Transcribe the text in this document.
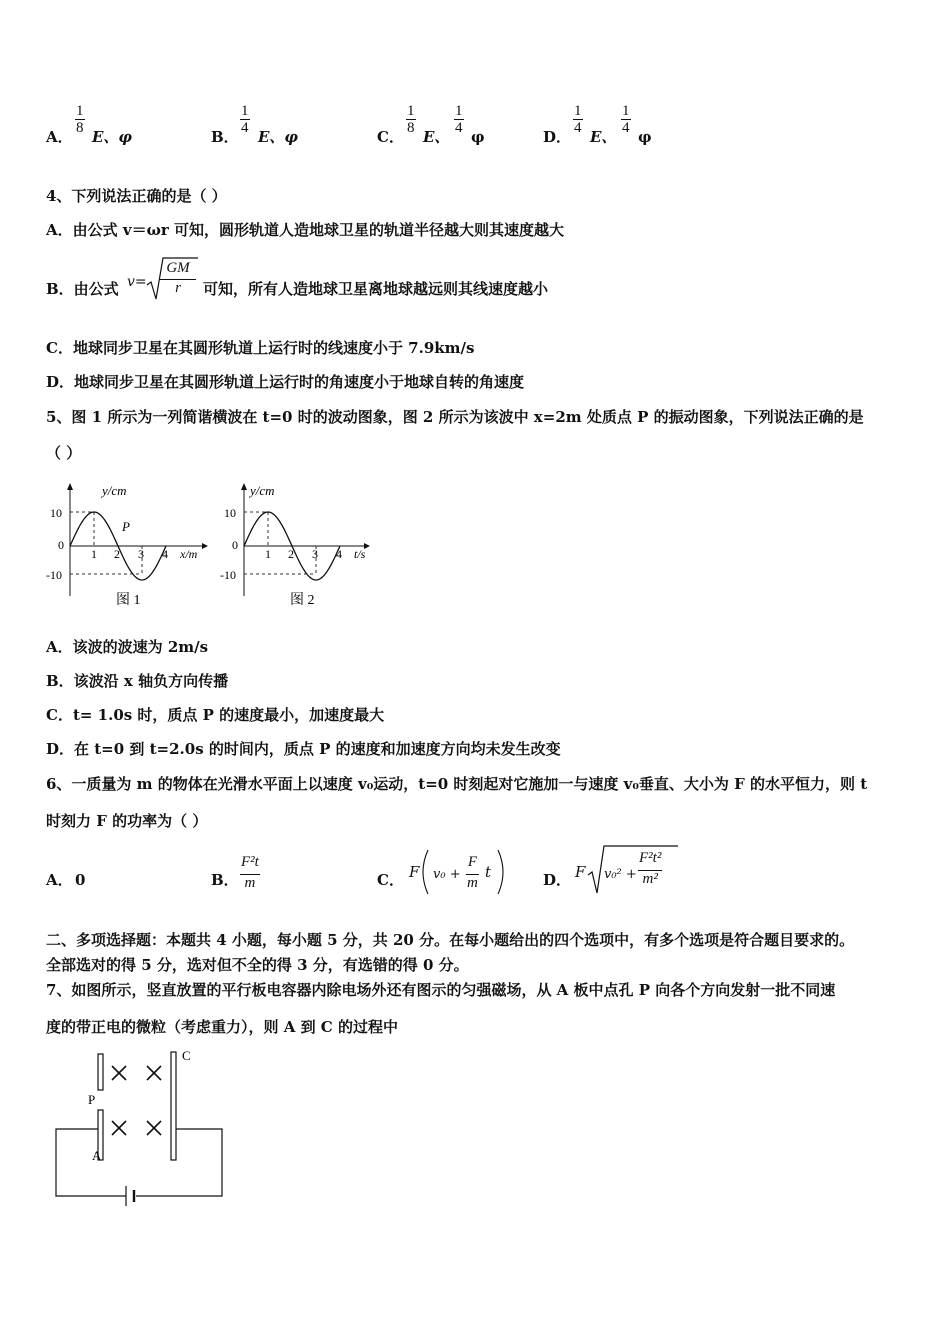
A．
$\frac{1}{8}$
E、φ	B．
$\frac{1}{4}$
E、φ	C．
$\frac{1}{8}$
E、
$\frac{1}{4}$
φ	D．
$\frac{1}{4}$
E、
$\frac{1}{4}$
φ
4、下列说法正确的是（ ）
A．由公式 v＝ωr 可知，圆形轨道人造地球卫星的轨道半径越大则其速度越大
B．由公式 $v= \frac{GM}{r}$ 可知，所有人造地球卫星离地球越远则其线速度越小
C．地球同步卫星在其圆形轨道上运行时的线速度小于 7.9km/s
D．地球同步卫星在其圆形轨道上运行时的角速度小于地球自转的角速度
5、图 1 所示为一列简谐横波在 t=0 时的波动图象，图 2 所示为该波中 x=2m 处质点 P 的振动图象，下列说法正确的是
（ ）
y/cm
10
0
-10
1 2 3 4
P
x/m
图 1
y/cm
10
0
-10
1 2 3 4 t/s
图 2
A．该波的波速为 2m/s
B．该波沿 x 轴负方向传播
C．t= 1.0s 时，质点 P 的速度最小，加速度最大
D．在 t=0 到 t=2.0s 的时间内，质点 P 的速度和加速度方向均未发生改变
6、一质量为 m 的物体在光滑水平面上以速度 v₀运动，t=0 时刻起对它施加一与速度 v₀垂直、大小为 F 的水平恒力，则 t
时刻力 F 的功率为（ ）
A． 0	B． $\frac{\text{F²t}}{m}$	C． F $v_0 + \frac{F}{m}$ t	D． F $v_0^2 + \frac{\text{F²t²}}{\text{m²}}$
二、多项选择题：本题共 4 小题，每小题 5 分，共 20 分。在每小题给出的四个选项中，有多个选项是符合题目要求的。
全部选对的得 5 分，选对但不全的得 3 分，有选错的得 0 分。
7、如图所示，竖直放置的平行板电容器内除电场外还有图示的匀强磁场，从 A 板中点孔 P 向各个方向发射一批不同速
度的带正电的微粒（考虑重力），则 A 到 C 的过程中
C
P
A
